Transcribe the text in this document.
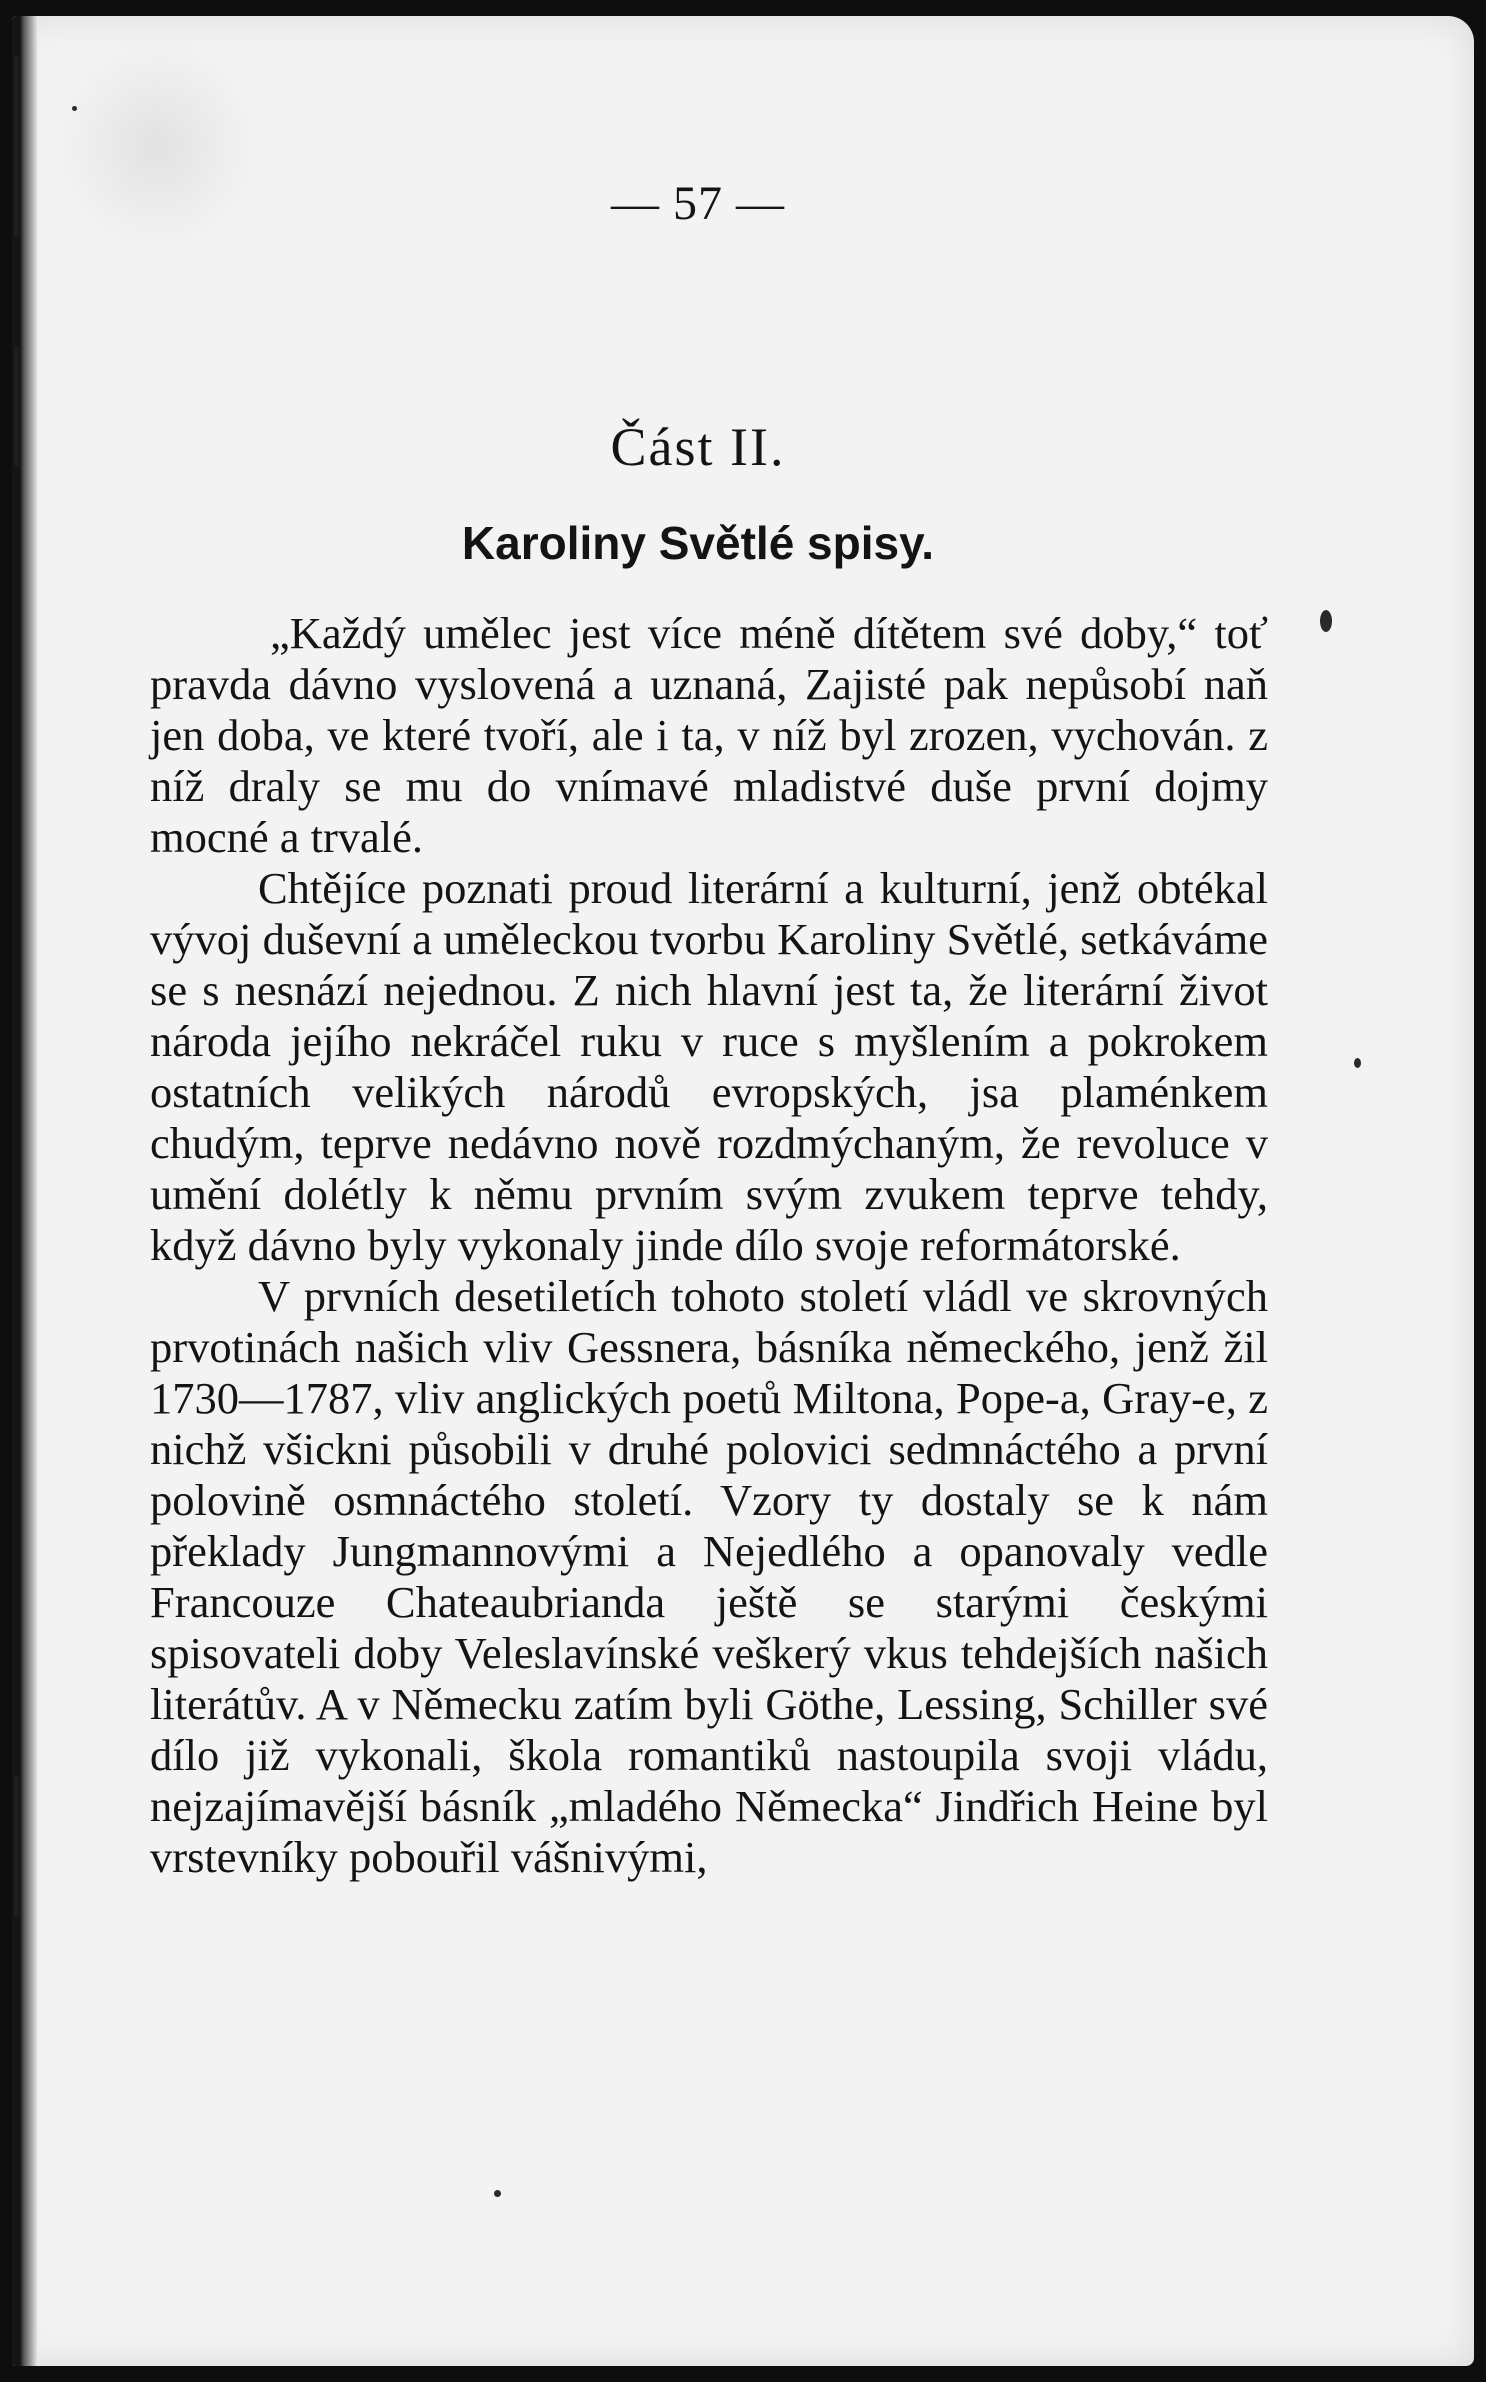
— 57 —
Část II.
Karoliny Světlé spisy.

„Každý umělec jest více méně dítětem své doby,“ toť pravda dávno vyslovená a uznaná, Zajisté pak nepůsobí naň jen doba, ve které tvoří, ale i ta, v níž byl zrozen, vychován. z níž draly se mu do vnímavé mladistvé duše první dojmy mocné a trvalé.

Chtějíce poznati proud literární a kulturní, jenž obtékal vývoj duševní a uměleckou tvorbu Karoliny Světlé, setkáváme se s nesnází nejednou. Z nich hlavní jest ta, že literární život národa jejího nekráčel ruku v ruce s myšlením a pokrokem ostatních velikých národů evropských, jsa plaménkem chudým, teprve nedávno nově rozdmýchaným, že revoluce v umění dolétly k němu prvním svým zvukem teprve tehdy, když dávno byly vykonaly jinde dílo svoje reformátorské.

V prvních desetiletích tohoto století vládl ve skrovných prvotinách našich vliv Gessnera, básníka německého, jenž žil 1730—1787, vliv anglických poetů Miltona, Pope-a, Gray-e, z nichž všickni působili v druhé polovici sedmnáctého a první polovině osmnáctého století. Vzory ty dostaly se k nám překlady Jungmannovými a Nejedlého a opanovaly vedle Francouze Chateaubrianda ještě se starými českými spisovateli doby Veleslavínské veškerý vkus tehdejších našich literátův. A v Německu zatím byli Göthe, Lessing, Schiller své dílo již vykonali, škola romantiků nastoupila svoji vládu, nejzajímavější básník „mladého Německa“ Jindřich Heine byl vrstevníky pobouřil vášnivými,
